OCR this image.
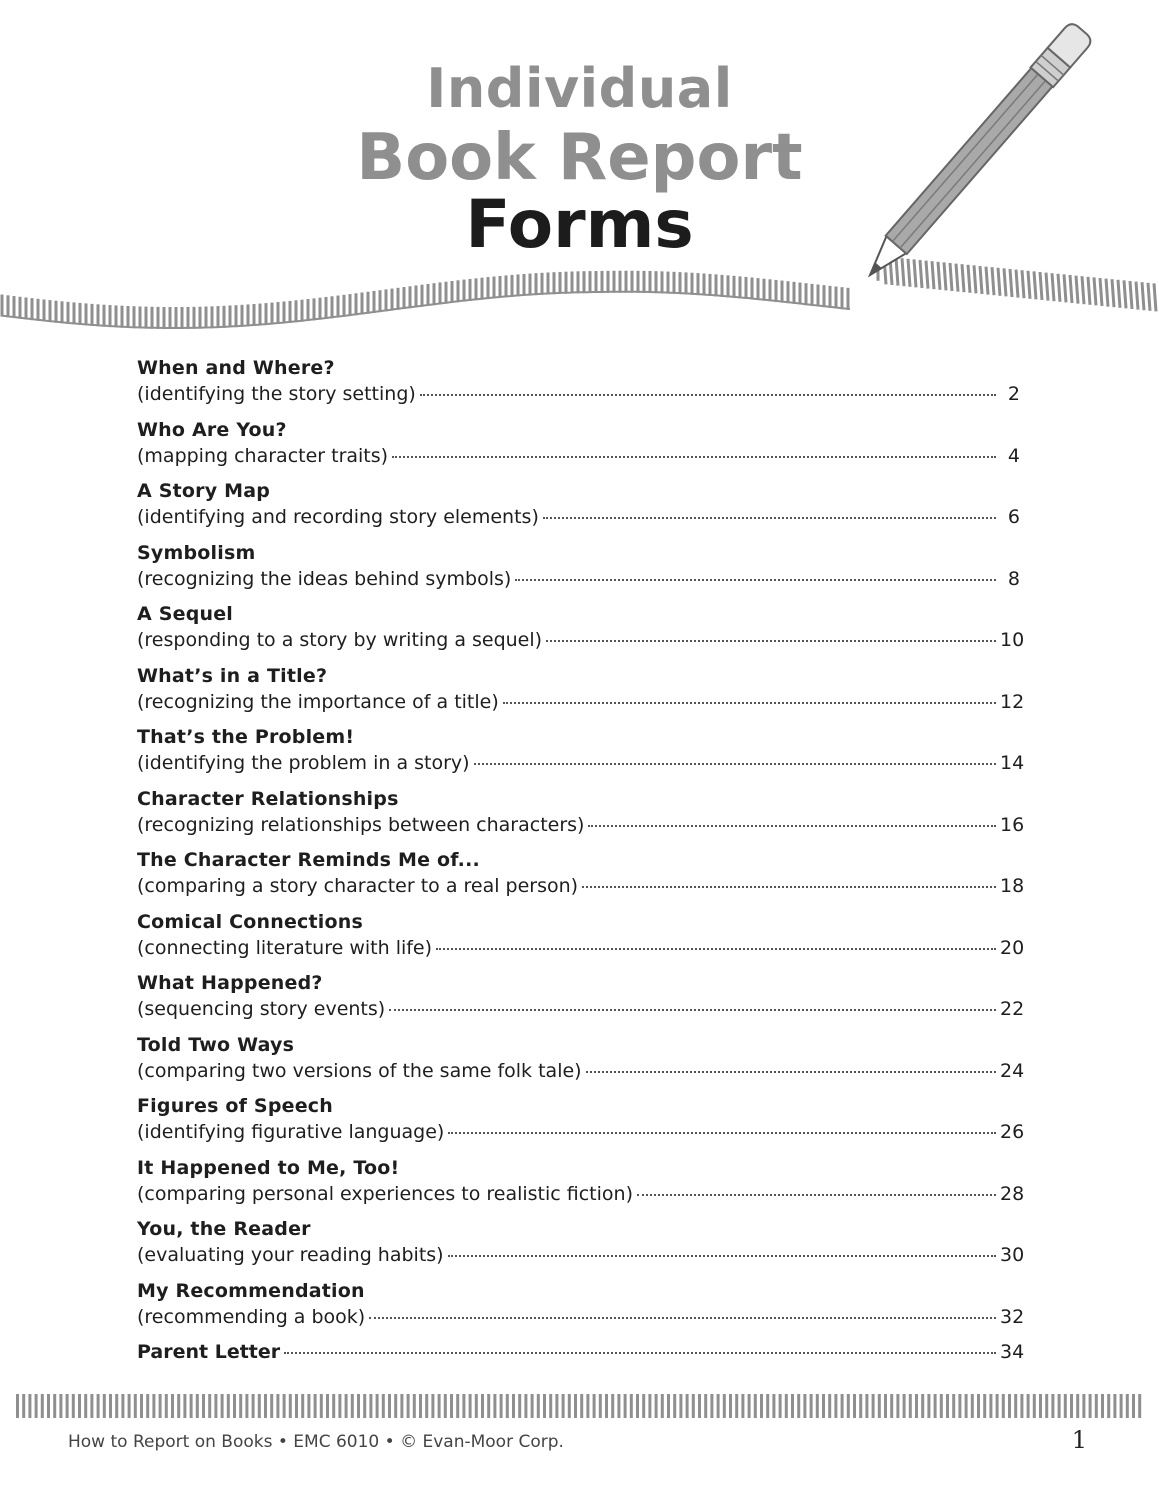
Individual
Book Report
Forms
When and Where?
(identifying the story setting)	2
Who Are You?
(mapping character traits)	4
A Story Map
(identifying and recording story elements)	6
Symbolism
(recognizing the ideas behind symbols)	8
A Sequel
(responding to a story by writing a sequel)	10
What’s in a Title?
(recognizing the importance of a title)	12
That’s the Problem!
(identifying the problem in a story)	14
Character Relationships
(recognizing relationships between characters)	16
The Character Reminds Me of...
(comparing a story character to a real person)	18
Comical Connections
(connecting literature with life)	20
What Happened?
(sequencing story events)	22
Told Two Ways
(comparing two versions of the same folk tale)	24
Figures of Speech
(identifying figurative language)	26
It Happened to Me, Too!
(comparing personal experiences to realistic fiction)	28
You, the Reader
(evaluating your reading habits)	30
My Recommendation
(recommending a book)	32
Parent Letter	34
How to Report on Books • EMC 6010 • © Evan-Moor Corp.	1
